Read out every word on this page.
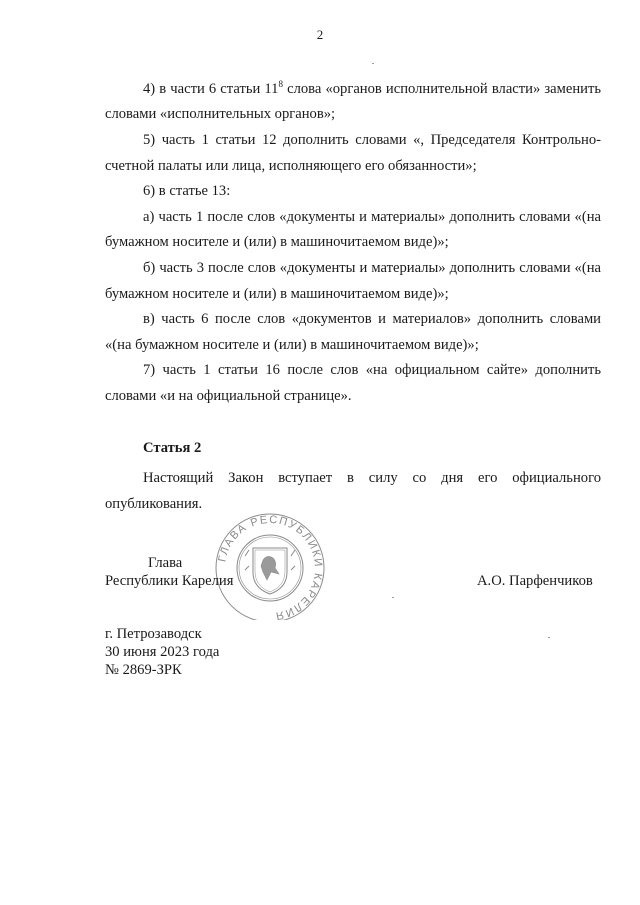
2

4) в части 6 статьи $11^8$ слова «органов исполнительной власти» заменить словами «исполнительных органов»;

5) часть 1 статьи 12 дополнить словами «, Председателя Контрольно-счетной палаты или лица, исполняющего его обязанности»;

6) в статье 13:

а) часть 1 после слов «документы и материалы» дополнить словами «(на бумажном носителе и (или) в машиночитаемом виде)»;

б) часть 3 после слов «документы и материалы» дополнить словами «(на бумажном носителе и (или) в машиночитаемом виде)»;

в) часть 6 после слов «документов и материалов» дополнить словами «(на бумажном носителе и (или) в машиночитаемом виде)»;

7) часть 1 статьи 16 после слов «на официальном сайте» дополнить словами «и на официальной странице».

Статья 2

Настоящий Закон вступает в силу со дня его официального опубликования.

ГЛАВА РЕСПУБЛИКИ КАРЕЛИЯ
Глава
Республики Карелия	А.О. Парфенчиков
г. Петрозаводск
30 июня 2023 года
№ 2869-ЗРК
